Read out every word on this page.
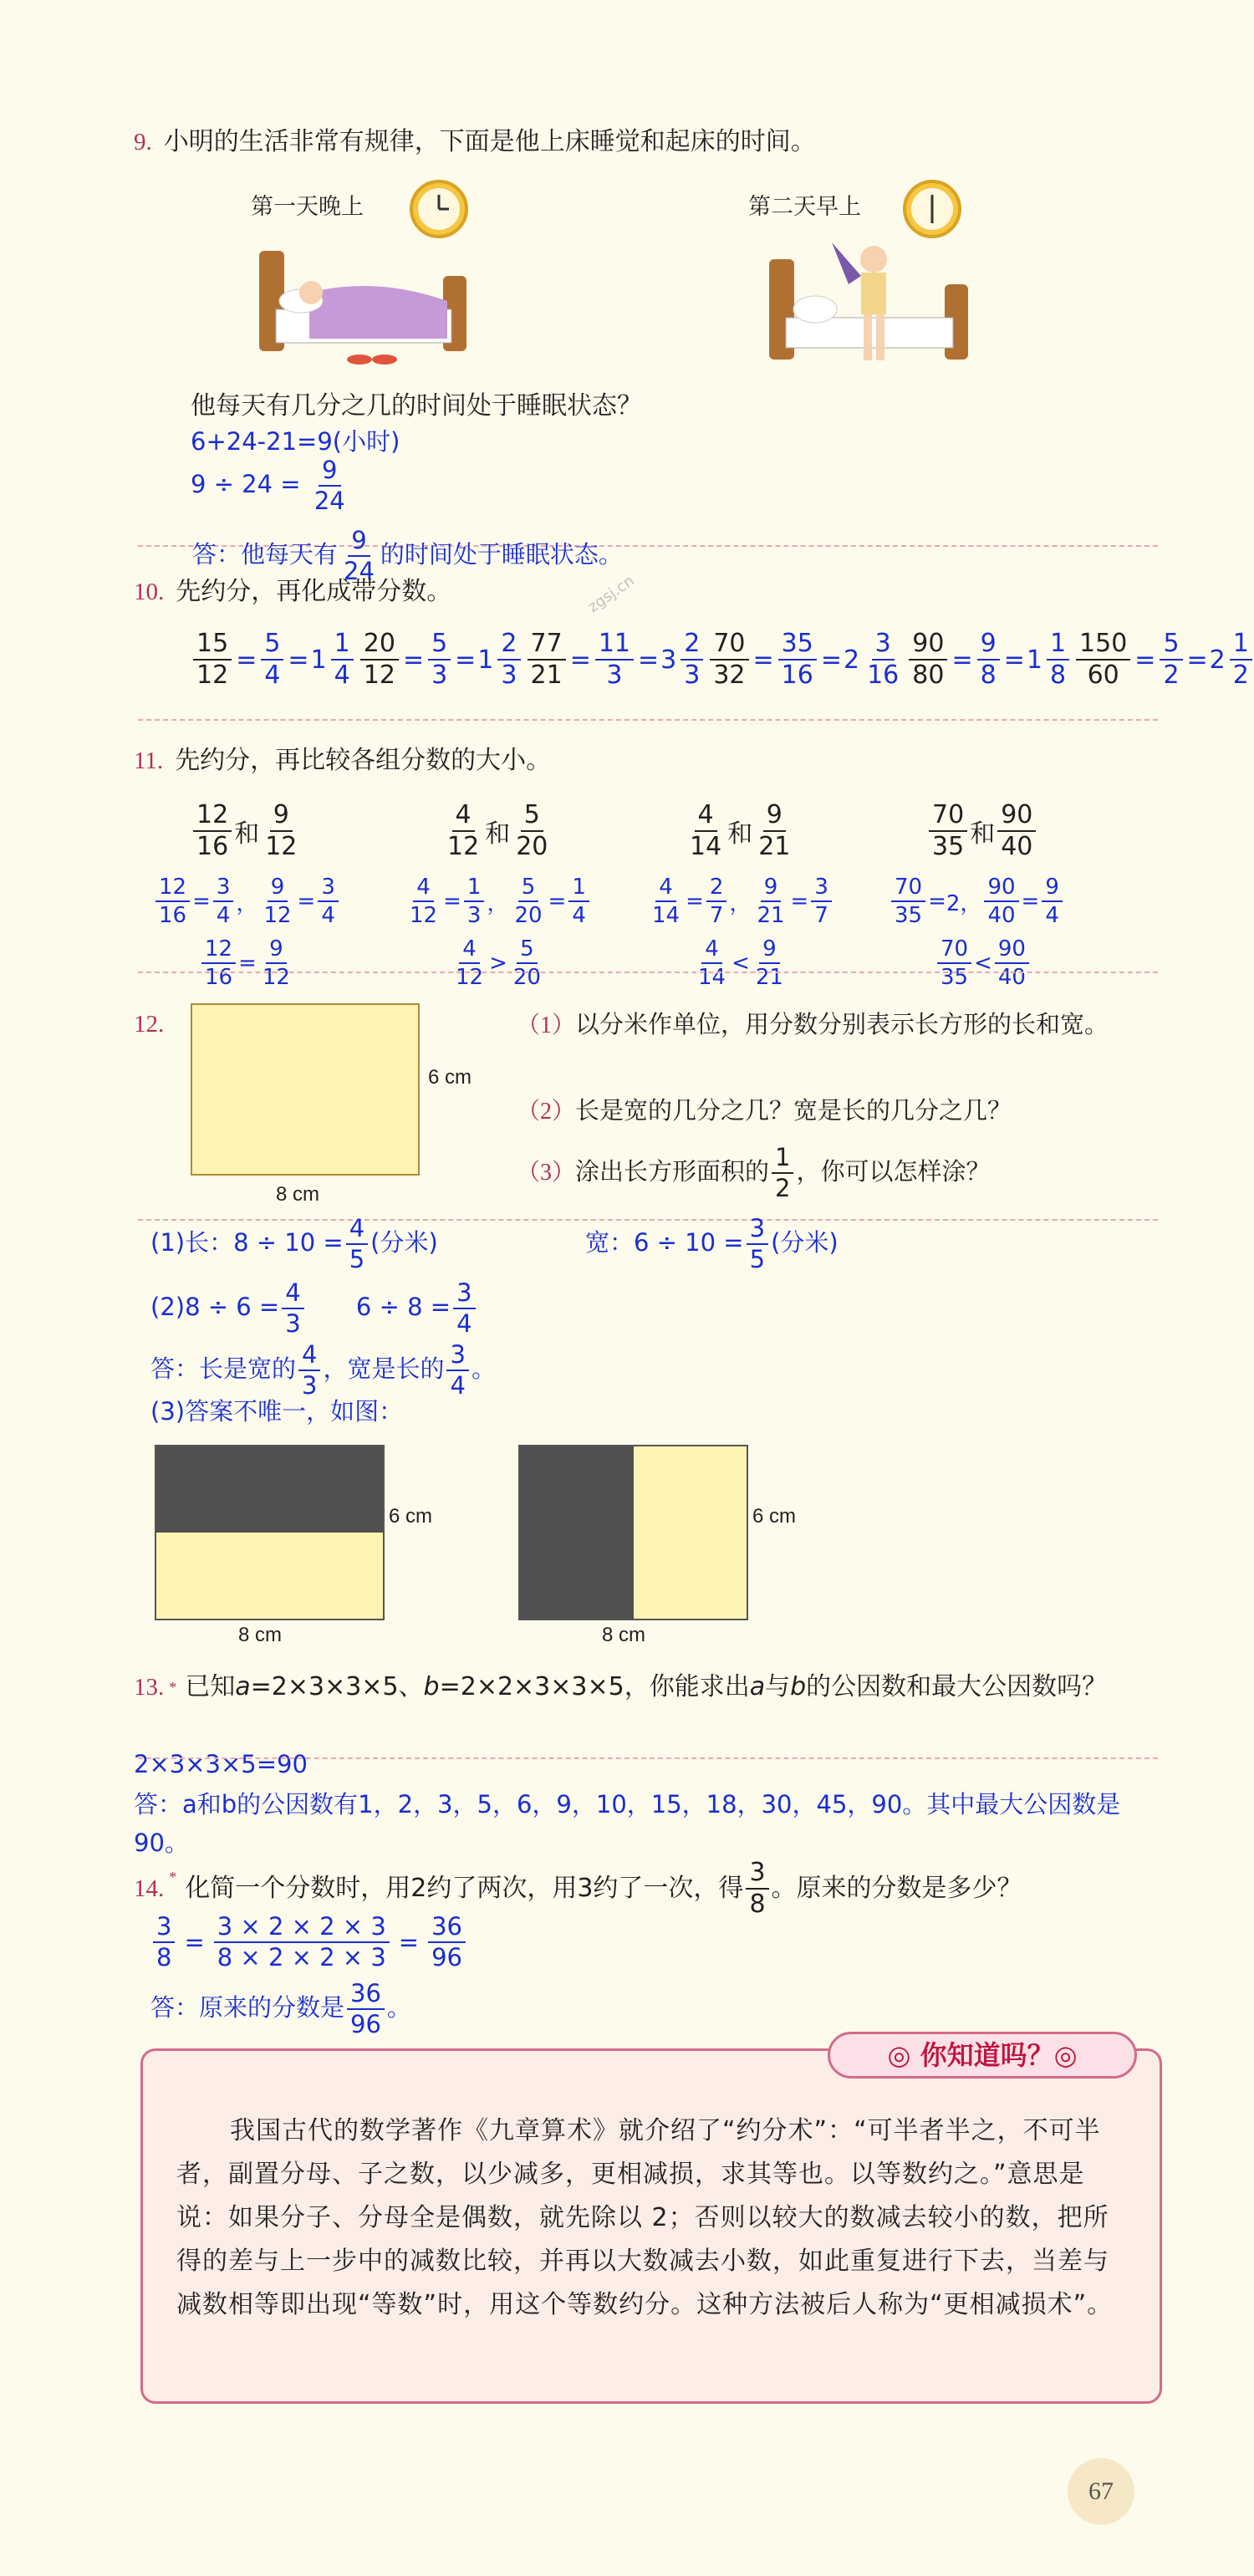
9. 小明的生活非常有规律，下面是他上床睡觉和起床的时间。
第一天晚上	第二天早上
他每天有几分之几的时间处于睡眠状态？
6+24-21=9(小时)
$9 \div 24 = \frac{9}{24}$
答：他每天有 $\frac{9}{24}$ 的时间处于睡眠状态。
zgsj.cn
10. 先约分，再化成带分数。
$\frac{15}{12} = \frac{5}{4} = 1 \frac{1}{4} \frac{20}{12} = \frac{5}{3} = 1 \frac{2}{3} \frac{77}{21} = \frac{11}{3} = 3 \frac{2}{3} \frac{70}{32} = \frac{35}{16} = 2 \frac{3}{16} \frac{90}{80} = \frac{9}{8} = 1 \frac{1}{8} \frac{150}{60} = \frac{5}{2} = 2 \frac{1}{2}$
11. 先约分，再比较各组分数的大小。
$\frac{12}{16}$ 和 $\frac{9}{12}$
$\frac{12}{16} = \frac{3}{4}$ ， $\frac{9}{12} = \frac{3}{4}$
$\frac{12}{16} = \frac{9}{12}$
$\frac{4}{12}$ 和 $\frac{5}{20}$
$\frac{4}{12} = \frac{1}{3}$ ， $\frac{5}{20} = \frac{1}{4}$
$\frac{4}{12} > \frac{5}{20}$
$\frac{4}{14}$ 和 $\frac{9}{21}$
$\frac{4}{14} = \frac{2}{7}$ ， $\frac{9}{21} = \frac{3}{7}$
$\frac{4}{14} < \frac{9}{21}$
$\frac{70}{35}$ 和 $\frac{90}{40}$
$\frac{70}{35} = 2$， $\frac{90}{40} = \frac{9}{4}$
$\frac{70}{35} < \frac{90}{40}$
12.
6 cm
8 cm
（1）以分米作单位，用分数分别表示长方形的长和宽。
（2）长是宽的几分之几？宽是长的几分之几？
（3）涂出长方形面积的 $\frac{1}{2}$ ，你可以怎样涂？
(1)长：$8 \div 10 = \frac{4}{5}$ (分米)	宽：$6 \div 10 = \frac{3}{5}$ (分米)
$(2)8 \div 6 = \frac{4}{3} 6 \div 8 = \frac{3}{4}$
答：长是宽的 $\frac{4}{3}$ ，宽是长的 $\frac{3}{4}$ 。
(3)答案不唯一，如图：
6 cm
8 cm
6 cm
8 cm
13. * 已知a=2×3×3×5、b=2×2×3×3×5，你能求出a与b的公因数和最大公因数吗？
2×3×3×5=90
答：a和b的公因数有1，2，3，5，6，9，10，15，18，30，45，90。其中最大公因数是90。
14. * 化简一个分数时，用2约了两次，用3约了一次，得 $\frac{3}{8}$ 。原来的分数是多少？
$\frac{3}{8} = \frac{3 \times 2 \times 2 \times 3}{8 \times 2 \times 2 \times 3} = \frac{36}{96}$
答：原来的分数是 $\frac{36}{96}$ 。
我国古代的数学著作《九章算术》就介绍了“约分术”：“可半者半之，不可半者，副置分母、子之数，以少减多，更相减损，求其等也。以等数约之。”意思是说：如果分子、分母全是偶数，就先除以 2；否则以较大的数减去较小的数，把所得的差与上一步中的减数比较，并再以大数减去小数，如此重复进行下去，当差与减数相等即出现“等数”时，用这个等数约分。这种方法被后人称为“更相减损术”。
◎ 你知道吗？◎
67
